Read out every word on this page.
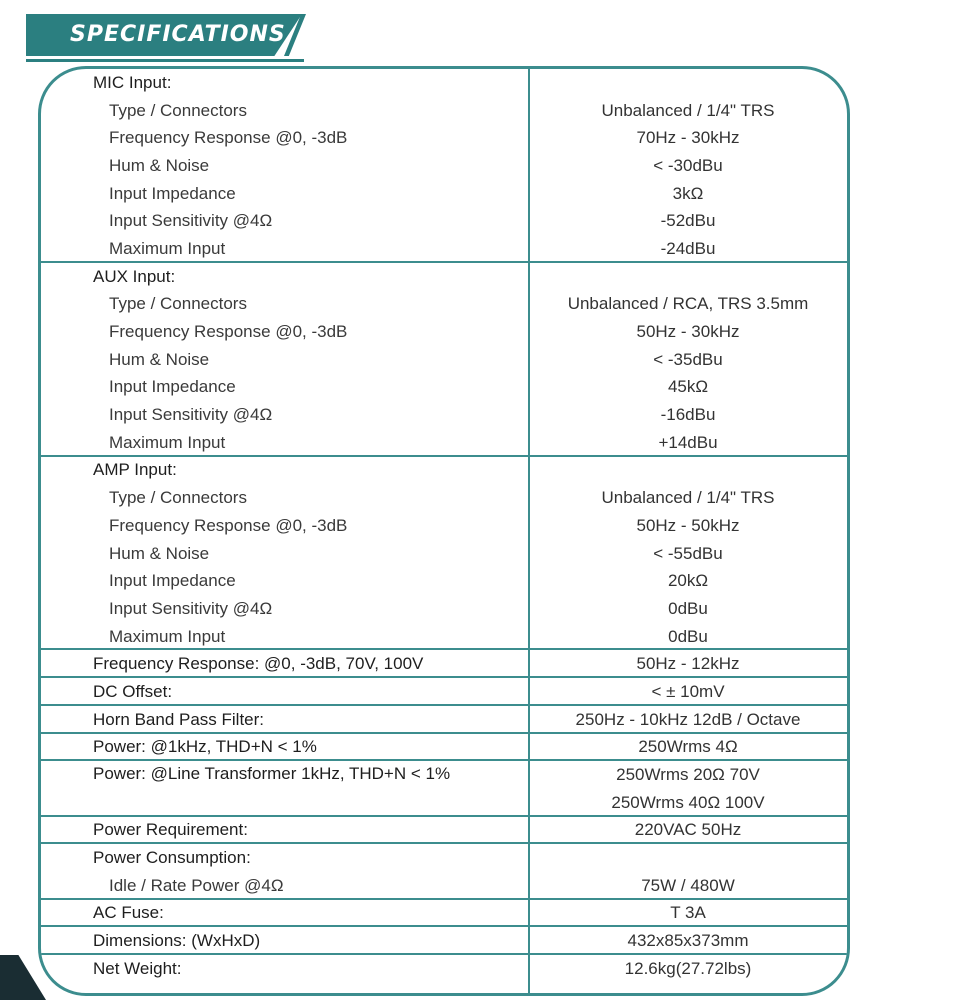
SPECIFICATIONS
MIC Input:
Type / Connectors	Unbalanced / 1/4" TRS
Frequency Response @0, -3dB	70Hz - 30kHz
Hum & Noise	< -30dBu
Input Impedance	3kΩ
Input Sensitivity @4Ω	-52dBu
Maximum Input	-24dBu
AUX Input:
Type / Connectors	Unbalanced / RCA, TRS 3.5mm
Frequency Response @0, -3dB	50Hz - 30kHz
Hum & Noise	< -35dBu
Input Impedance	45kΩ
Input Sensitivity @4Ω	-16dBu
Maximum Input	+14dBu
AMP Input:
Type / Connectors	Unbalanced / 1/4" TRS
Frequency Response @0, -3dB	50Hz - 50kHz
Hum & Noise	< -55dBu
Input Impedance	20kΩ
Input Sensitivity @4Ω	0dBu
Maximum Input	0dBu
Frequency Response: @0, -3dB, 70V, 100V	50Hz - 12kHz
DC Offset:	< ± 10mV
Horn Band Pass Filter:	250Hz - 10kHz 12dB / Octave
Power: @1kHz, THD+N < 1%	250Wrms 4Ω
Power: @Line Transformer 1kHz, THD+N < 1%	250Wrms 20Ω 70V
250Wrms 40Ω 100V
Power Requirement:	220VAC 50Hz
Power Consumption:
Idle / Rate Power @4Ω	75W / 480W
AC Fuse:	T 3A
Dimensions: (WxHxD)	432x85x373mm
Net Weight:	12.6kg(27.72lbs)
